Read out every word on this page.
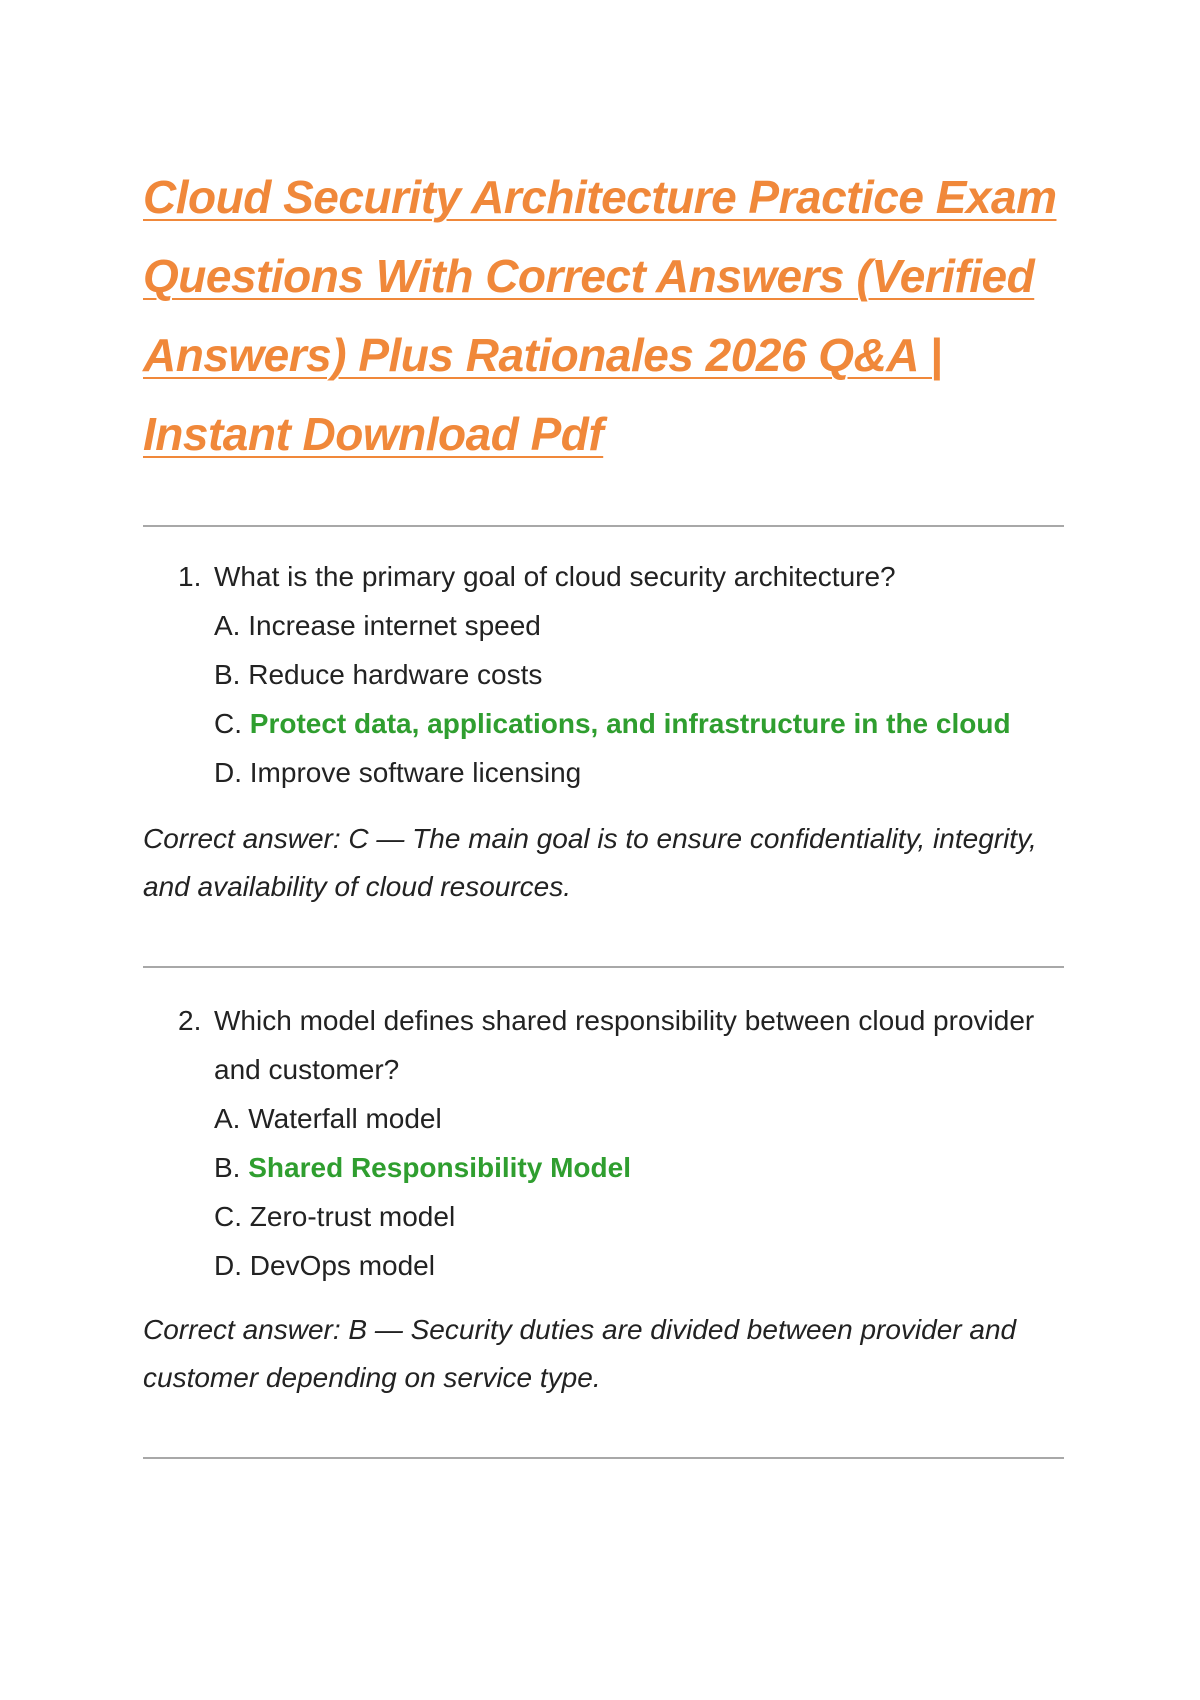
Cloud Security Architecture Practice Exam
Questions With Correct Answers (Verified
Answers) Plus Rationales 2026 Q&A |
Instant Download Pdf
1. What is the primary goal of cloud security architecture?
A. Increase internet speed
B. Reduce hardware costs
C. Protect data, applications, and infrastructure in the cloud
D. Improve software licensing
Correct answer: C — The main goal is to ensure confidentiality, integrity, and availability of cloud resources.
2. Which model defines shared responsibility between cloud provider and customer?
A. Waterfall model
B. Shared Responsibility Model
C. Zero-trust model
D. DevOps model
Correct answer: B — Security duties are divided between provider and customer depending on service type.
